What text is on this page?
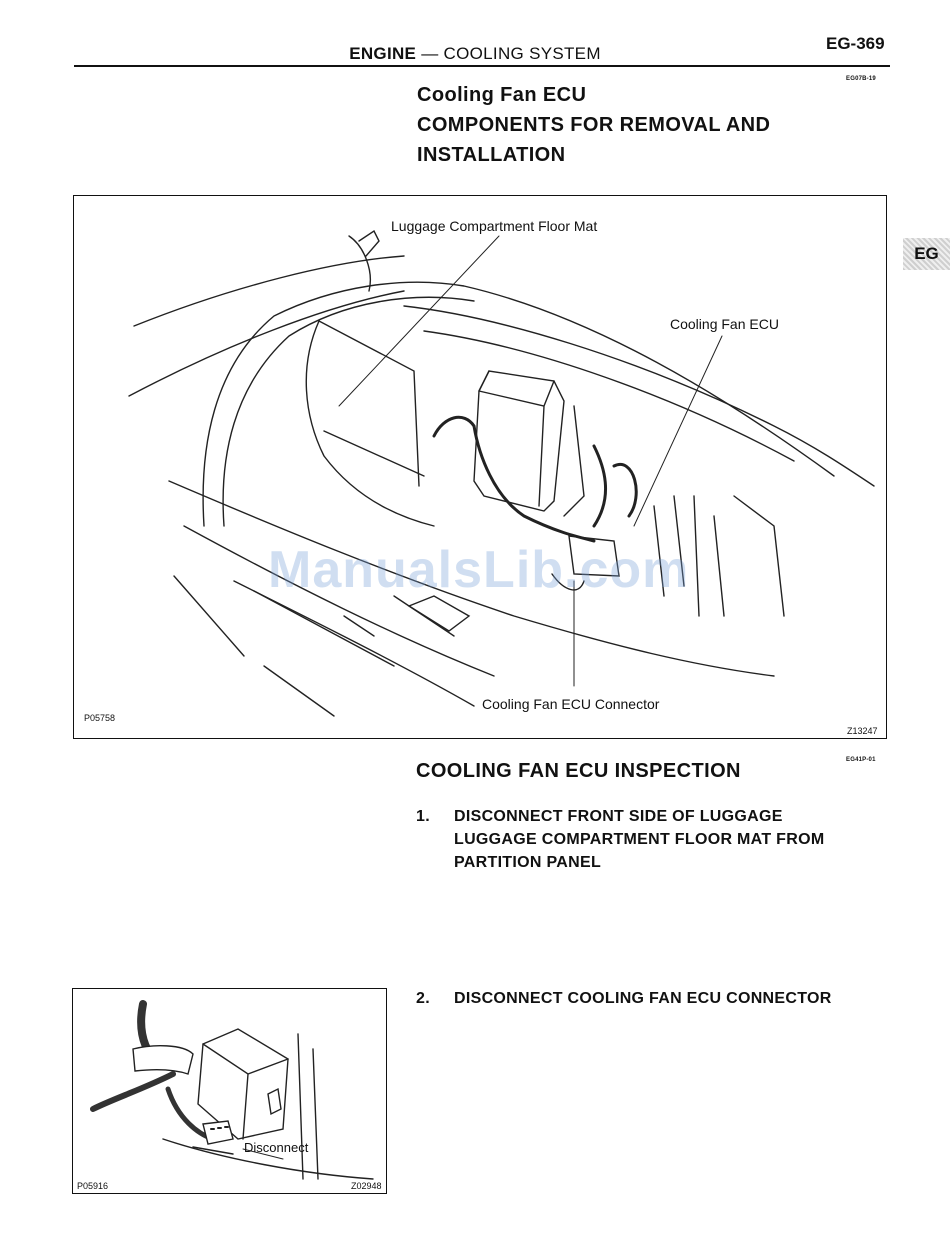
ENGINE — COOLING SYSTEM
EG-369
EG07B-19
EG
Cooling Fan ECU
COMPONENTS FOR REMOVAL AND
INSTALLATION
Luggage Compartment Floor Mat
Cooling Fan ECU
Cooling Fan ECU Connector
P05758
Z13247
ManualsLib.com
EG41P-01
COOLING FAN ECU INSPECTION
1. DISCONNECT FRONT SIDE OF LUGGAGE
LUGGAGE COMPARTMENT FLOOR MAT FROM
PARTITION PANEL
2. DISCONNECT COOLING FAN ECU CONNECTOR
Disconnect
P05916	Z02948
